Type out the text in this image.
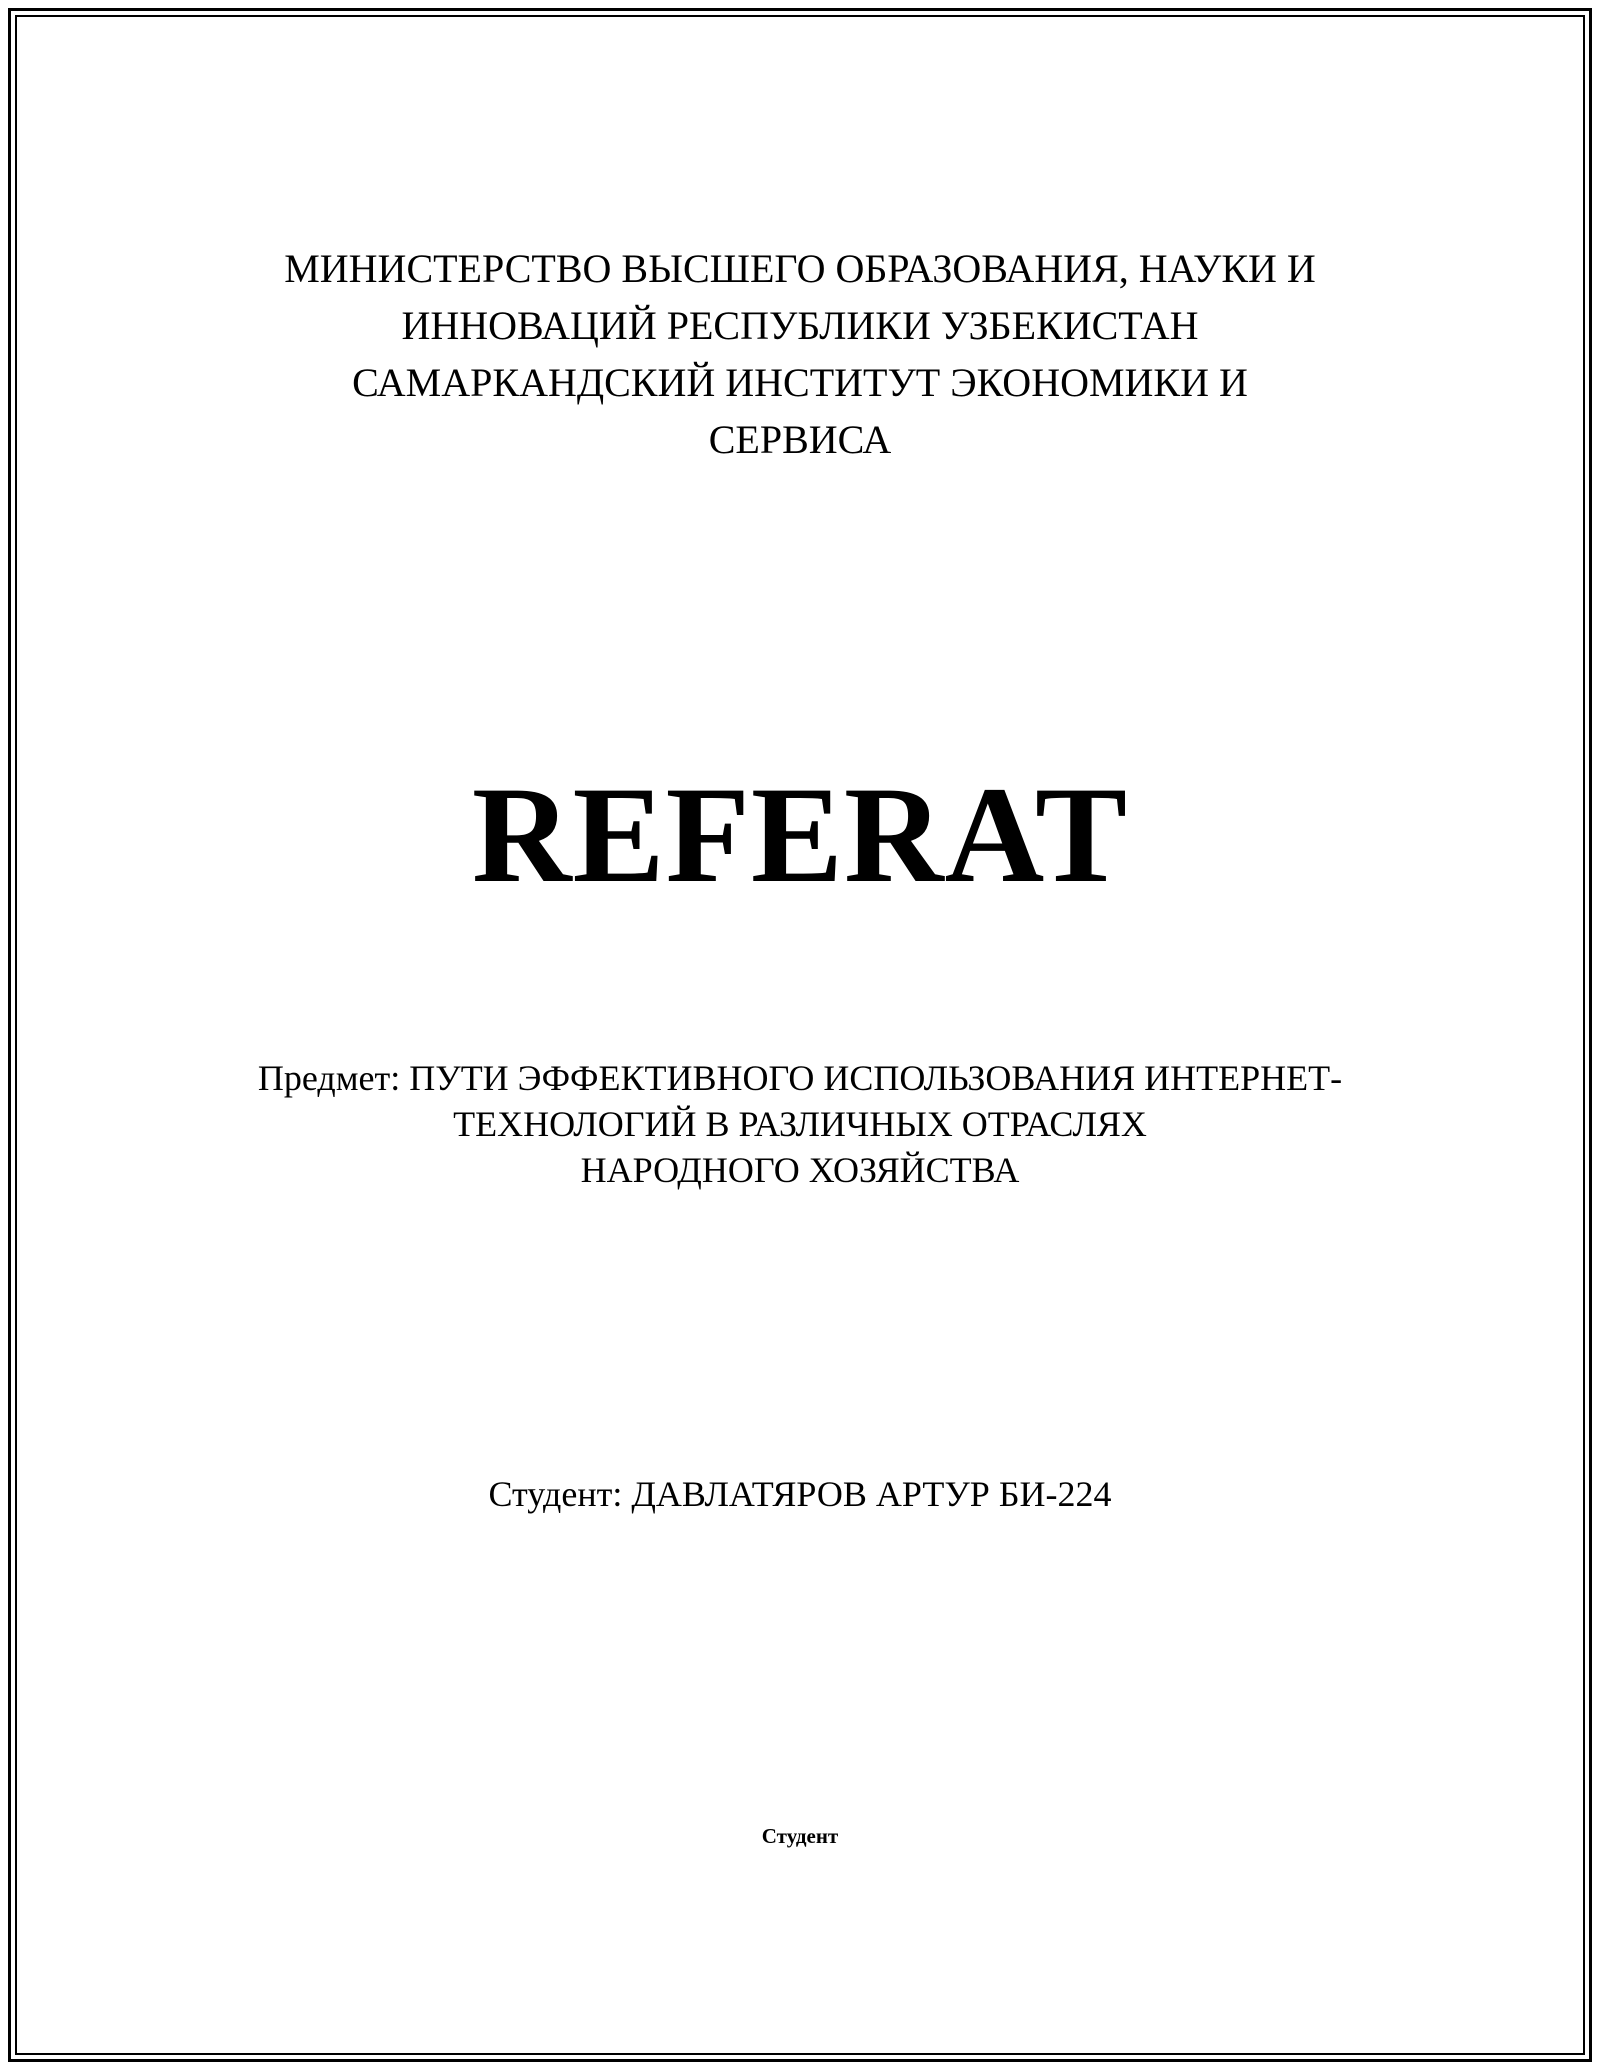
МИНИСТЕРСТВО ВЫСШЕГО ОБРАЗОВАНИЯ, НАУКИ И
ИННОВАЦИЙ РЕСПУБЛИКИ УЗБЕКИСТАН
САМАРКАНДСКИЙ ИНСТИТУТ ЭКОНОМИКИ И
СЕРВИСА
REFERAT
Предмет: ПУТИ ЭФФЕКТИВНОГО ИСПОЛЬЗОВАНИЯ ИНТЕРНЕТ-
ТЕХНОЛОГИЙ В РАЗЛИЧНЫХ ОТРАСЛЯХ
НАРОДНОГО ХОЗЯЙСТВА
Студент: ДАВЛАТЯРОВ АРТУР БИ-224
Студент
